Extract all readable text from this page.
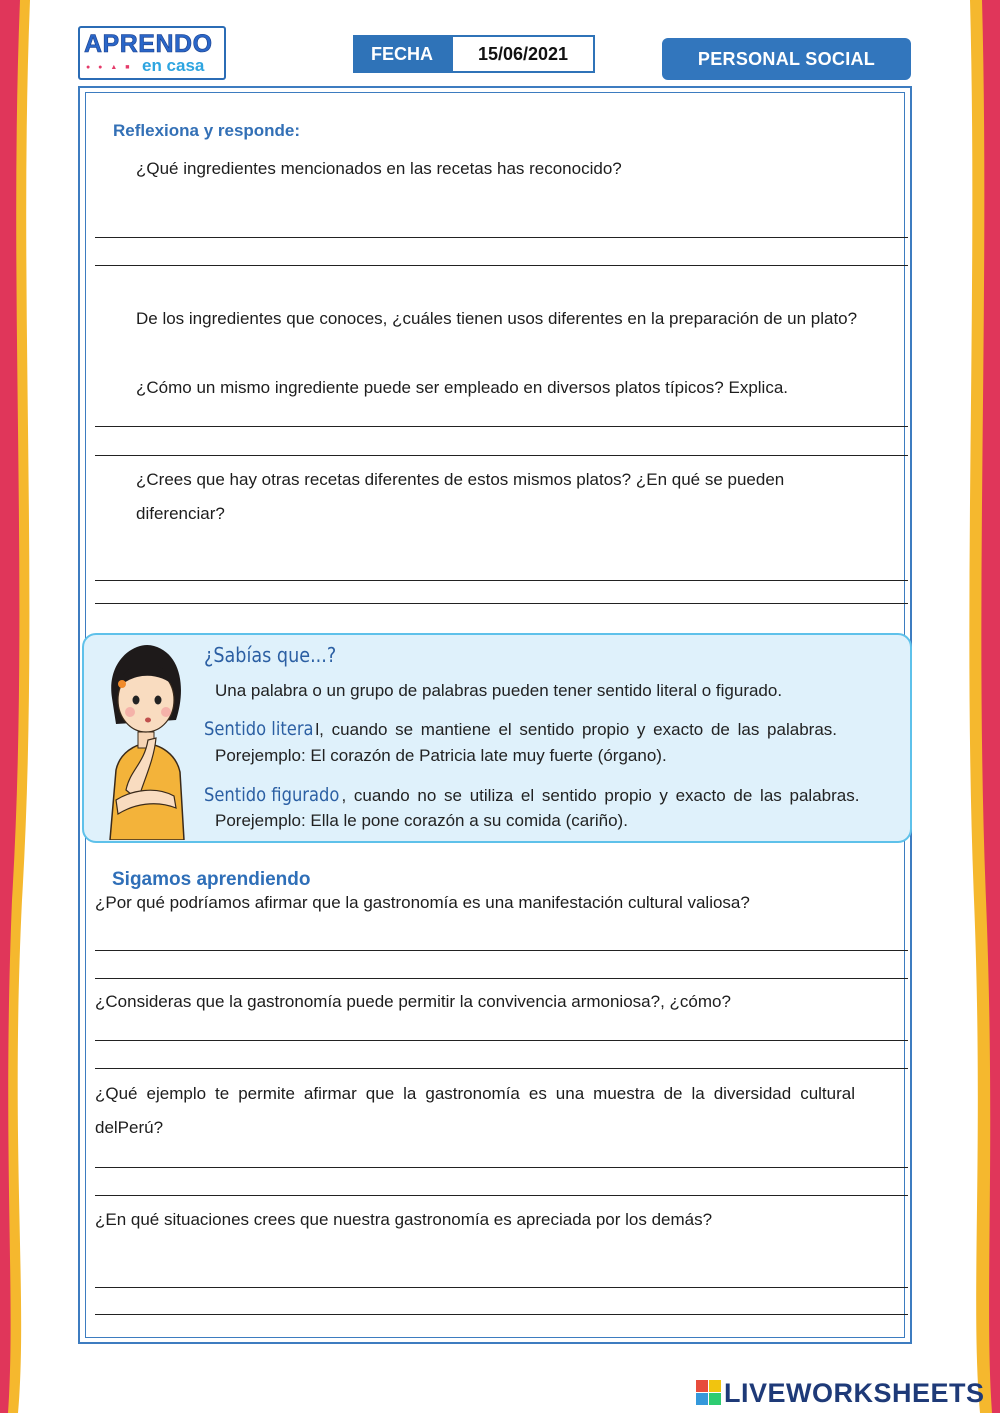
APRENDO
● ● ▲ ■ en casa
FECHA	15/06/2021	PERSONAL SOCIAL
Reflexiona y responde:
¿Qué ingredientes mencionados en las recetas has reconocido?
De los ingredientes que conoces, ¿cuáles tienen usos diferentes en la preparación de un plato?
¿Cómo un mismo ingrediente puede ser empleado en diversos platos típicos? Explica.
¿Crees que hay otras recetas diferentes de estos mismos platos? ¿En qué se pueden diferenciar?
¿Sabías que...?
Una palabra o un grupo de palabras pueden tener sentido literal o figurado.
Sentido litera l, cuando se mantiene el sentido propio y exacto de las palabras.
Porejemplo: El corazón de Patricia late muy fuerte (órgano).
Sentido figurado , cuando no se utiliza el sentido propio y exacto de las palabras.
Porejemplo: Ella le pone corazón a su comida (cariño).
Sigamos aprendiendo
¿Por qué podríamos afirmar que la gastronomía es una manifestación cultural valiosa?
¿Consideras que la gastronomía puede permitir la convivencia armoniosa?, ¿cómo?
¿Qué ejemplo te permite afirmar que la gastronomía es una muestra de la diversidad cultural delPerú?
¿En qué situaciones crees que nuestra gastronomía es apreciada por los demás?
LIVEWORKSHEETS
